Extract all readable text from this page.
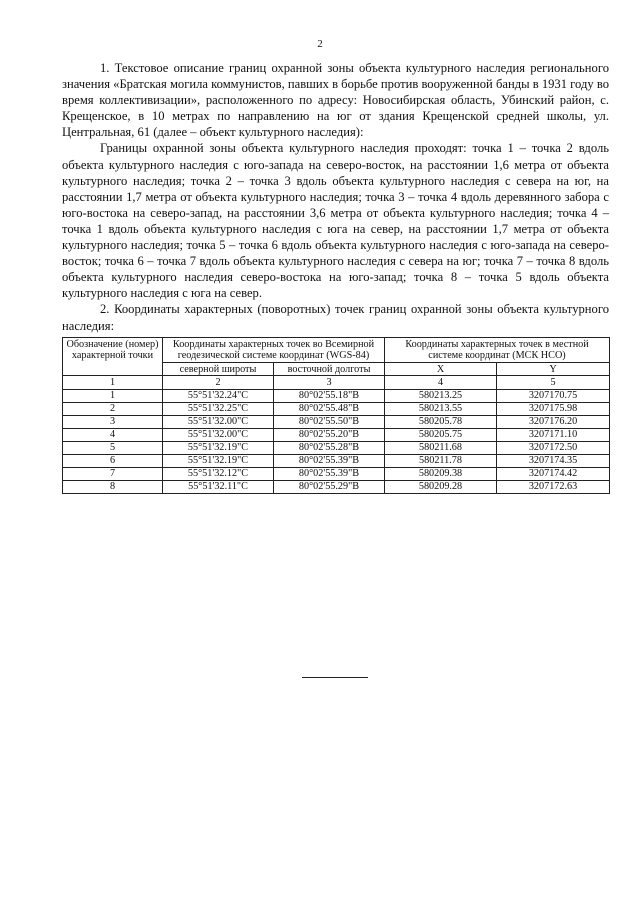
2

1. Текстовое описание границ охранной зоны объекта культурного наследия регионального значения «Братская могила коммунистов, павших в борьбе против вооруженной банды в 1931 году во время коллективизации», расположенного по адресу: Новосибирская область, Убинский район, с. Крещенское, в 10 метрах по направлению на юг от здания Крещенской средней школы, ул. Центральная, 61 (далее – объект культурного наследия):

Границы охранной зоны объекта культурного наследия проходят: точка 1 – точка 2 вдоль объекта культурного наследия с юго-запада на северо-восток, на расстоянии 1,6 метра от объекта культурного наследия; точка 2 – точка 3 вдоль объекта культурного наследия с севера на юг, на расстоянии 1,7 метра от объекта культурного наследия; точка 3 – точка 4 вдоль деревянного забора с юго-востока на северо-запад, на расстоянии 3,6 метра от объекта культурного наследия; точка 4 – точка 1 вдоль объекта культурного наследия с юга на север, на расстоянии 1,7 метра от объекта культурного наследия; точка 5 – точка 6 вдоль объекта культурного наследия с юго-запада на северо-восток; точка 6 – точка 7 вдоль объекта культурного наследия с севера на юг; точка 7 – точка 8 вдоль объекта культурного наследия северо-востока на юго-запад; точка 8 – точка 5 вдоль объекта культурного наследия с юга на север.

2. Координаты характерных (поворотных) точек границ охранной зоны объекта культурного наследия:

Обозначение (номер) характерной точки	Координаты характерных точек во Всемирной геодезической системе координат (WGS-84)		Координаты характерных точек в местной системе координат (МСК НСО)	
	северной широты	восточной долготы	X	Y
1	2	3	4	5
1	55°51'32.24"С	80°02'55.18"В	580213.25	3207170.75
2	55°51'32.25"С	80°02'55.48"В	580213.55	3207175.98
3	55°51'32.00"С	80°02'55.50"В	580205.78	3207176.20
4	55°51'32.00"С	80°02'55.20"В	580205.75	3207171.10
5	55°51'32.19"С	80°02'55.28"В	580211.68	3207172.50
6	55°51'32.19"С	80°02'55.39"В	580211.78	3207174.35
7	55°51'32.12"С	80°02'55.39"В	580209.38	3207174.42
8	55°51'32.11"С	80°02'55.29"В	580209.28	3207172.63
